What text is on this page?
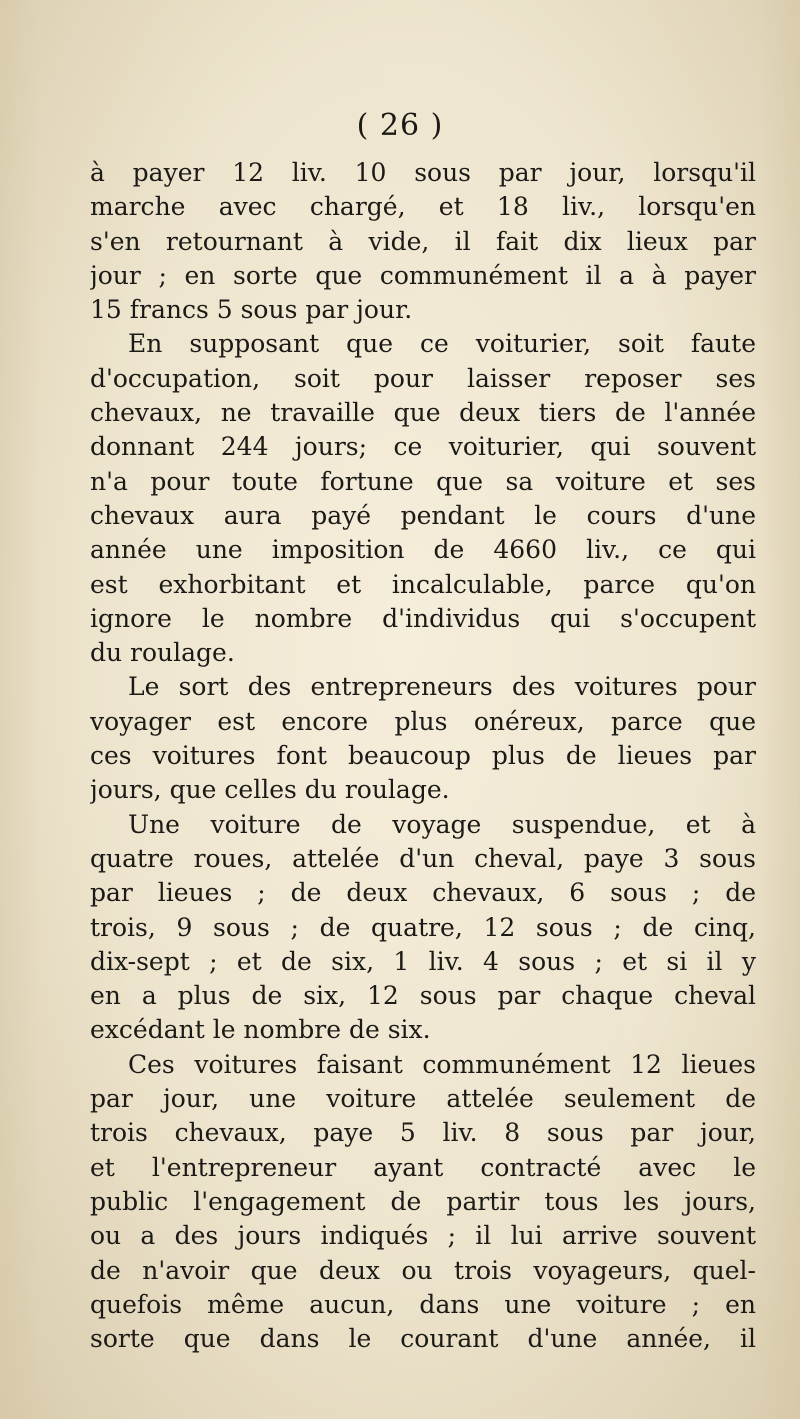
( 26 )
à payer 12 liv. 10 sous par jour, lorsqu'il
marche avec chargé, et 18 liv., lorsqu'en
s'en retournant à vide, il fait dix lieux par
jour ; en sorte que communément il a à payer
15 francs 5 sous par jour.
En supposant que ce voiturier, soit faute
d'occupation, soit pour laisser reposer ses
chevaux, ne travaille que deux tiers de l'année
donnant 244 jours; ce voiturier, qui souvent
n'a pour toute fortune que sa voiture et ses
chevaux aura payé pendant le cours d'une
année une imposition de 4660 liv., ce qui
est exhorbitant et incalculable, parce qu'on
ignore le nombre d'individus qui s'occupent
du roulage.
Le sort des entrepreneurs des voitures pour
voyager est encore plus onéreux, parce que
ces voitures font beaucoup plus de lieues par
jours, que celles du roulage.
Une voiture de voyage suspendue, et à
quatre roues, attelée d'un cheval, paye 3 sous
par lieues ; de deux chevaux, 6 sous ; de
trois, 9 sous ; de quatre, 12 sous ; de cinq,
dix-sept ; et de six, 1 liv. 4 sous ; et si il y
en a plus de six, 12 sous par chaque cheval
excédant le nombre de six.
Ces voitures faisant communément 12 lieues
par jour, une voiture attelée seulement de
trois chevaux, paye 5 liv. 8 sous par jour,
et l'entrepreneur ayant contracté avec le
public l'engagement de partir tous les jours,
ou a des jours indiqués ; il lui arrive souvent
de n'avoir que deux ou trois voyageurs, quel-
quefois même aucun, dans une voiture ; en
sorte que dans le courant d'une année, il
